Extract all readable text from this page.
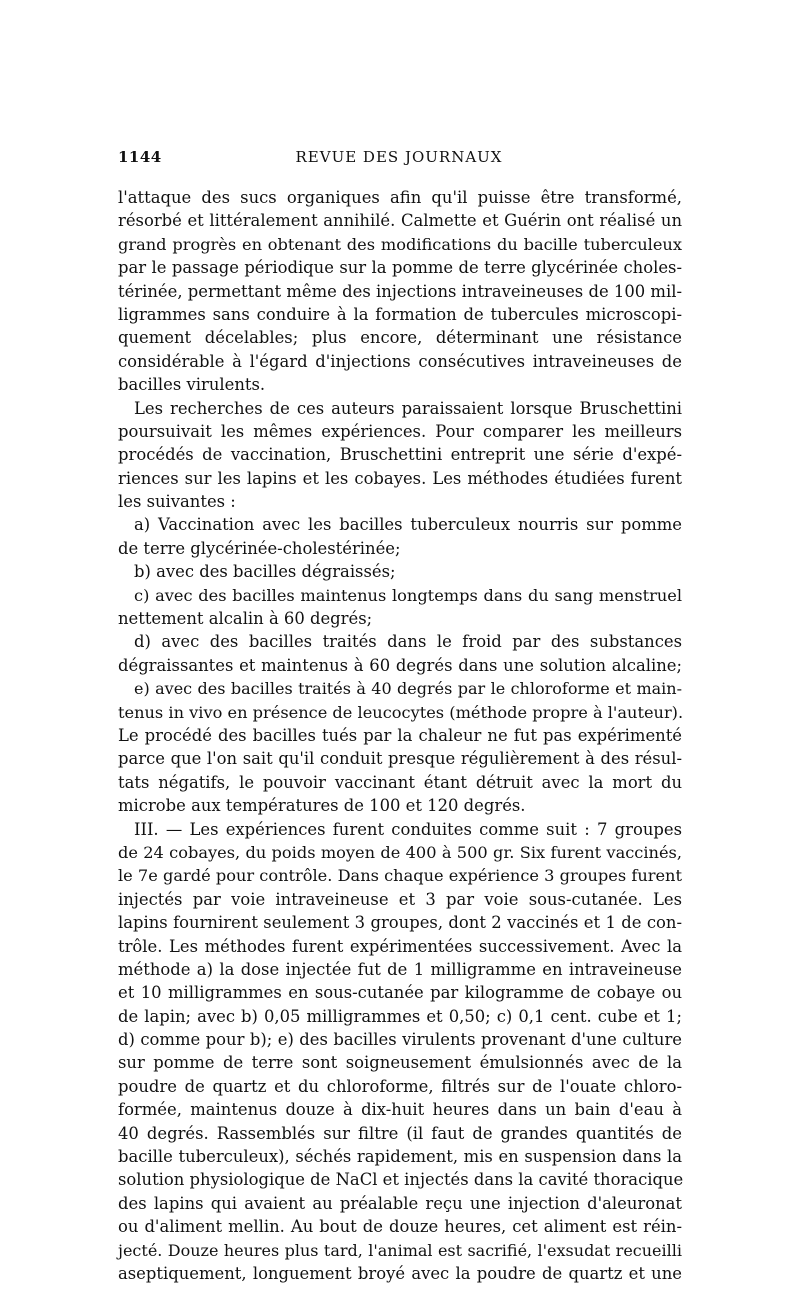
1144	REVUE DES JOURNAUX
l'attaque des sucs organiques afin qu'il puisse être transformé,
résorbé et littéralement annihilé. Calmette et Guérin ont réalisé un
grand progrès en obtenant des modifications du bacille tuberculeux
par le passage périodique sur la pomme de terre glycérinée choles-
térinée, permettant même des injections intraveineuses de 100 mil-
ligrammes sans conduire à la formation de tubercules microscopi-
quement décelables; plus encore, déterminant une résistance
considérable à l'égard d'injections consécutives intraveineuses de
bacilles virulents.
Les recherches de ces auteurs paraissaient lorsque Bruschettini
poursuivait les mêmes expériences. Pour comparer les meilleurs
procédés de vaccination, Bruschettini entreprit une série d'expé-
riences sur les lapins et les cobayes. Les méthodes étudiées furent
les suivantes :
a) Vaccination avec les bacilles tuberculeux nourris sur pomme
de terre glycérinée-cholestérinée;
b) avec des bacilles dégraissés;
c) avec des bacilles maintenus longtemps dans du sang menstruel
nettement alcalin à 60 degrés;
d) avec des bacilles traités dans le froid par des substances
dégraissantes et maintenus à 60 degrés dans une solution alcaline;
e) avec des bacilles traités à 40 degrés par le chloroforme et main-
tenus in vivo en présence de leucocytes (méthode propre à l'auteur).
Le procédé des bacilles tués par la chaleur ne fut pas expérimenté
parce que l'on sait qu'il conduit presque régulièrement à des résul-
tats négatifs, le pouvoir vaccinant étant détruit avec la mort du
microbe aux températures de 100 et 120 degrés.
III. — Les expériences furent conduites comme suit : 7 groupes
de 24 cobayes, du poids moyen de 400 à 500 gr. Six furent vaccinés,
le 7e gardé pour contrôle. Dans chaque expérience 3 groupes furent
injectés par voie intraveineuse et 3 par voie sous-cutanée. Les
lapins fournirent seulement 3 groupes, dont 2 vaccinés et 1 de con-
trôle. Les méthodes furent expérimentées successivement. Avec la
méthode a) la dose injectée fut de 1 milligramme en intraveineuse
et 10 milligrammes en sous-cutanée par kilogramme de cobaye ou
de lapin; avec b) 0,05 milligrammes et 0,50; c) 0,1 cent. cube et 1;
d) comme pour b); e) des bacilles virulents provenant d'une culture
sur pomme de terre sont soigneusement émulsionnés avec de la
poudre de quartz et du chloroforme, filtrés sur de l'ouate chloro-
formée, maintenus douze à dix-huit heures dans un bain d'eau à
40 degrés. Rassemblés sur filtre (il faut de grandes quantités de
bacille tuberculeux), séchés rapidement, mis en suspension dans la
solution physiologique de NaCl et injectés dans la cavité thoracique
des lapins qui avaient au préalable reçu une injection d'aleuronat
ou d'aliment mellin. Au bout de douze heures, cet aliment est réin-
jecté. Douze heures plus tard, l'animal est sacrifié, l'exsudat recueilli
aseptiquement, longuement broyé avec la poudre de quartz et une
